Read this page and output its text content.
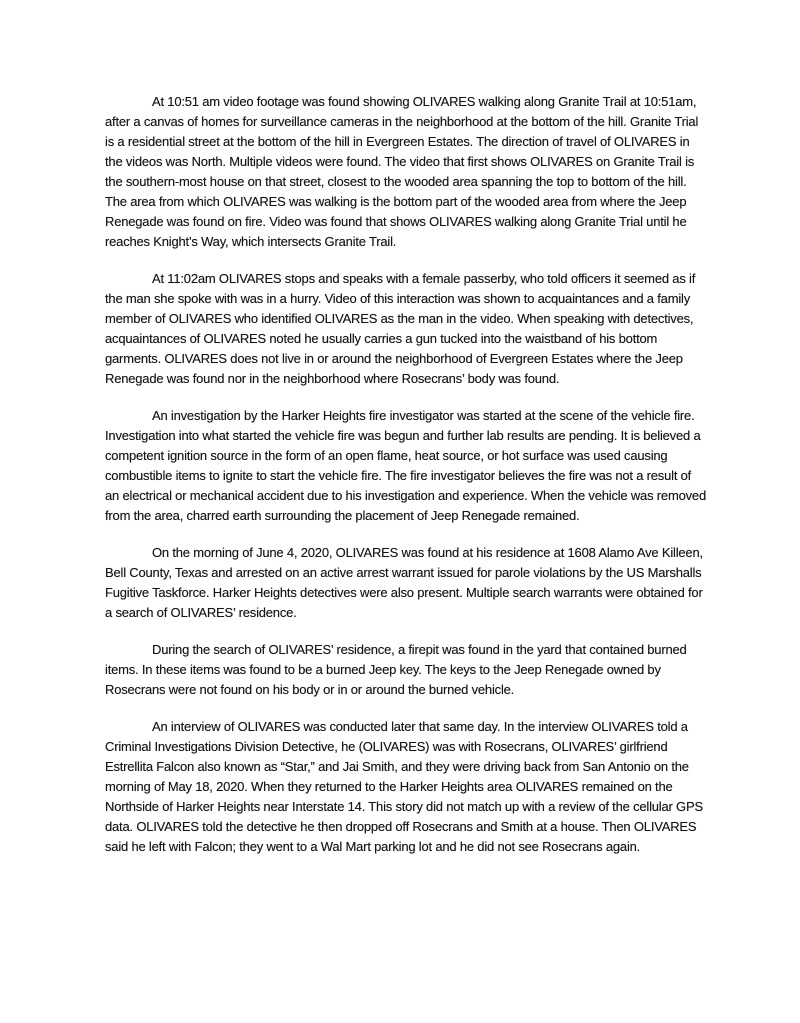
At 10:51 am video footage was found showing OLIVARES walking along Granite Trail at 10:51am, after a canvas of homes for surveillance cameras in the neighborhood at the bottom of the hill. Granite Trial is a residential street at the bottom of the hill in Evergreen Estates. The direction of travel of OLIVARES in the videos was North. Multiple videos were found. The video that first shows OLIVARES on Granite Trail is the southern-most house on that street, closest to the wooded area spanning the top to bottom of the hill. The area from which OLIVARES was walking is the bottom part of the wooded area from where the Jeep Renegade was found on fire. Video was found that shows OLIVARES walking along Granite Trial until he reaches Knight’s Way, which intersects Granite Trail.

At 11:02am OLIVARES stops and speaks with a female passerby, who told officers it seemed as if the man she spoke with was in a hurry. Video of this interaction was shown to acquaintances and a family member of OLIVARES who identified OLIVARES as the man in the video. When speaking with detectives, acquaintances of OLIVARES noted he usually carries a gun tucked into the waistband of his bottom garments. OLIVARES does not live in or around the neighborhood of Evergreen Estates where the Jeep Renegade was found nor in the neighborhood where Rosecrans’ body was found.

An investigation by the Harker Heights fire investigator was started at the scene of the vehicle fire. Investigation into what started the vehicle fire was begun and further lab results are pending. It is believed a competent ignition source in the form of an open flame, heat source, or hot surface was used causing combustible items to ignite to start the vehicle fire. The fire investigator believes the fire was not a result of an electrical or mechanical accident due to his investigation and experience. When the vehicle was removed from the area, charred earth surrounding the placement of Jeep Renegade remained.

On the morning of June 4, 2020, OLIVARES was found at his residence at 1608 Alamo Ave Killeen, Bell County, Texas and arrested on an active arrest warrant issued for parole violations by the US Marshalls Fugitive Taskforce. Harker Heights detectives were also present. Multiple search warrants were obtained for a search of OLIVARES’ residence.

During the search of OLIVARES’ residence, a firepit was found in the yard that contained burned items. In these items was found to be a burned Jeep key. The keys to the Jeep Renegade owned by Rosecrans were not found on his body or in or around the burned vehicle.

An interview of OLIVARES was conducted later that same day. In the interview OLIVARES told a Criminal Investigations Division Detective, he (OLIVARES) was with Rosecrans, OLIVARES’ girlfriend Estrellita Falcon also known as “Star,” and Jai Smith, and they were driving back from San Antonio on the morning of May 18, 2020. When they returned to the Harker Heights area OLIVARES remained on the Northside of Harker Heights near Interstate 14. This story did not match up with a review of the cellular GPS data. OLIVARES told the detective he then dropped off Rosecrans and Smith at a house. Then OLIVARES said he left with Falcon; they went to a Wal Mart parking lot and he did not see Rosecrans again.
